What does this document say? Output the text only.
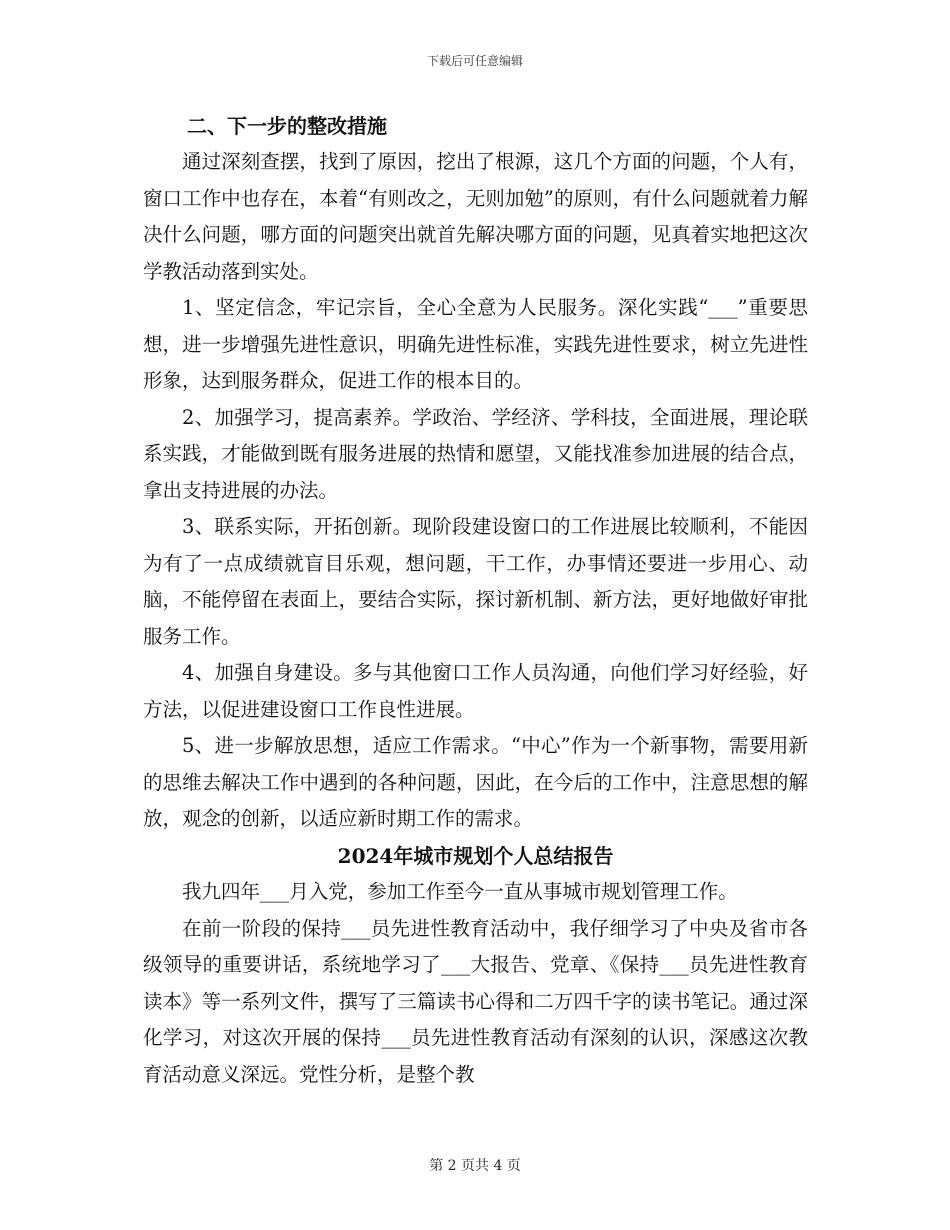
下载后可任意编辑
二、下一步的整改措施

通过深刻查摆，找到了原因，挖出了根源，这几个方面的问题，个人有，窗口工作中也存在，本着“有则改之，无则加勉”的原则，有什么问题就着力解决什么问题，哪方面的问题突出就首先解决哪方面的问题，见真着实地把这次学教活动落到实处。

1、坚定信念，牢记宗旨，全心全意为人民服务。深化实践“___”重要思想，进一步增强先进性意识，明确先进性标准，实践先进性要求，树立先进性形象，达到服务群众，促进工作的根本目的。

2、加强学习，提高素养。学政治、学经济、学科技，全面进展，理论联系实践，才能做到既有服务进展的热情和愿望，又能找准参加进展的结合点，拿出支持进展的办法。

3、联系实际，开拓创新。现阶段建设窗口的工作进展比较顺利，不能因为有了一点成绩就盲目乐观，想问题，干工作，办事情还要进一步用心、动脑，不能停留在表面上，要结合实际，探讨新机制、新方法，更好地做好审批服务工作。

4、加强自身建设。多与其他窗口工作人员沟通，向他们学习好经验，好方法，以促进建设窗口工作良性进展。

5、进一步解放思想，适应工作需求。“中心”作为一个新事物，需要用新的思维去解决工作中遇到的各种问题，因此，在今后的工作中，注意思想的解放，观念的创新，以适应新时期工作的需求。

2024年城市规划个人总结报告

我九四年___月入党，参加工作至今一直从事城市规划管理工作。

在前一阶段的保持___员先进性教育活动中，我仔细学习了中央及省市各级领导的重要讲话，系统地学习了___大报告、党章、《保持___员先进性教育读本》等一系列文件，撰写了三篇读书心得和二万四千字的读书笔记。通过深化学习，对这次开展的保持___员先进性教育活动有深刻的认识，深感这次教育活动意义深远。党性分析，是整个教

第 2 页共 4 页
